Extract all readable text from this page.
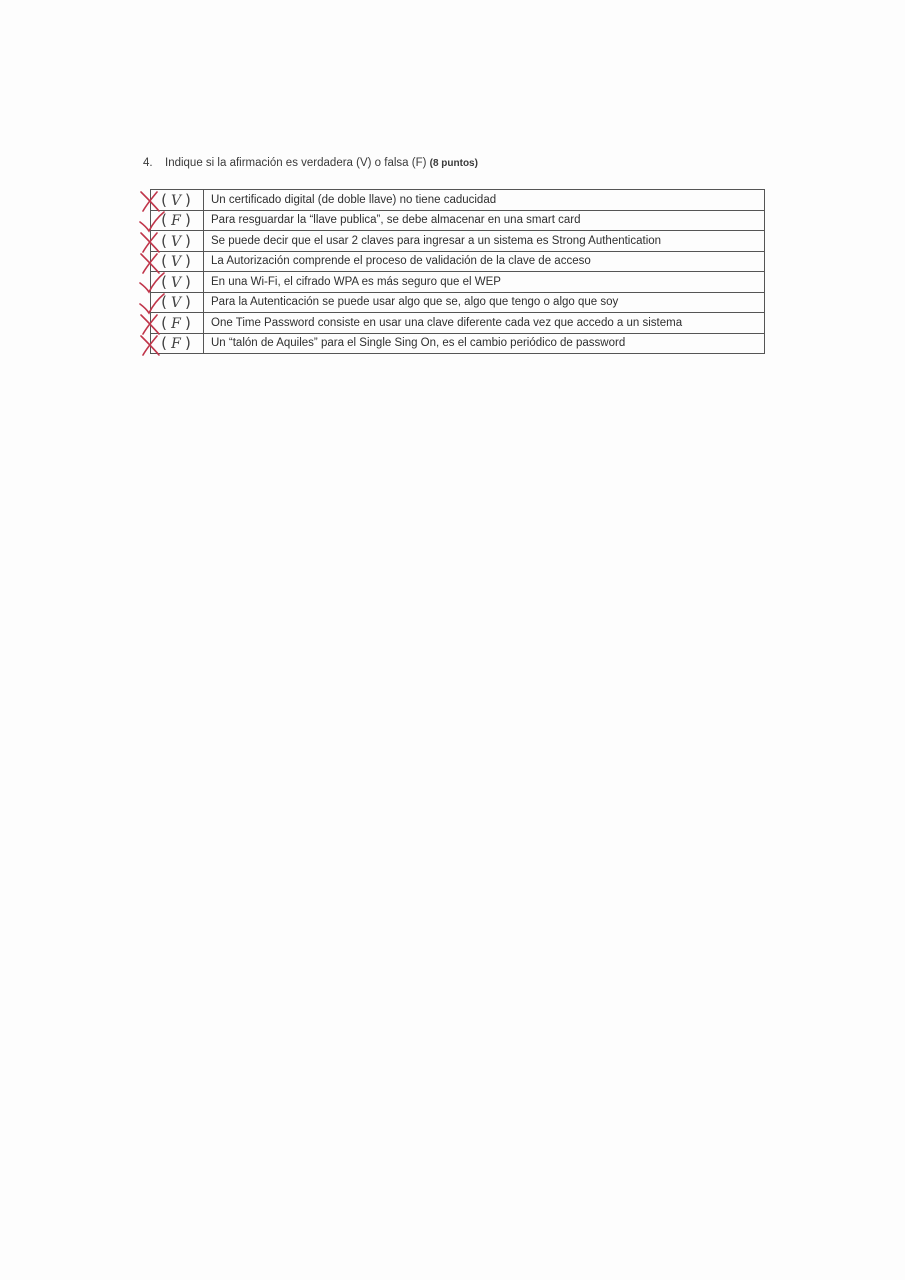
4. Indique si la afirmación es verdadera (V) o falsa (F) (8 puntos)
( V )	Un certificado digital (de doble llave) no tiene caducidad

( F )	Para resguardar la “llave publica”, se debe almacenar en una smart card

( V )	Se puede decir que el usar 2 claves para ingresar a un sistema es Strong Authentication

( V )	La Autorización comprende el proceso de validación de la clave de acceso

( V )	En una Wi-Fi, el cifrado WPA es más seguro que el WEP

( V )	Para la Autenticación se puede usar algo que se, algo que tengo o algo que soy

( F )	One Time Password consiste en usar una clave diferente cada vez que accedo a un sistema

( F )	Un “talón de Aquiles” para el Single Sing On, es el cambio periódico de password
